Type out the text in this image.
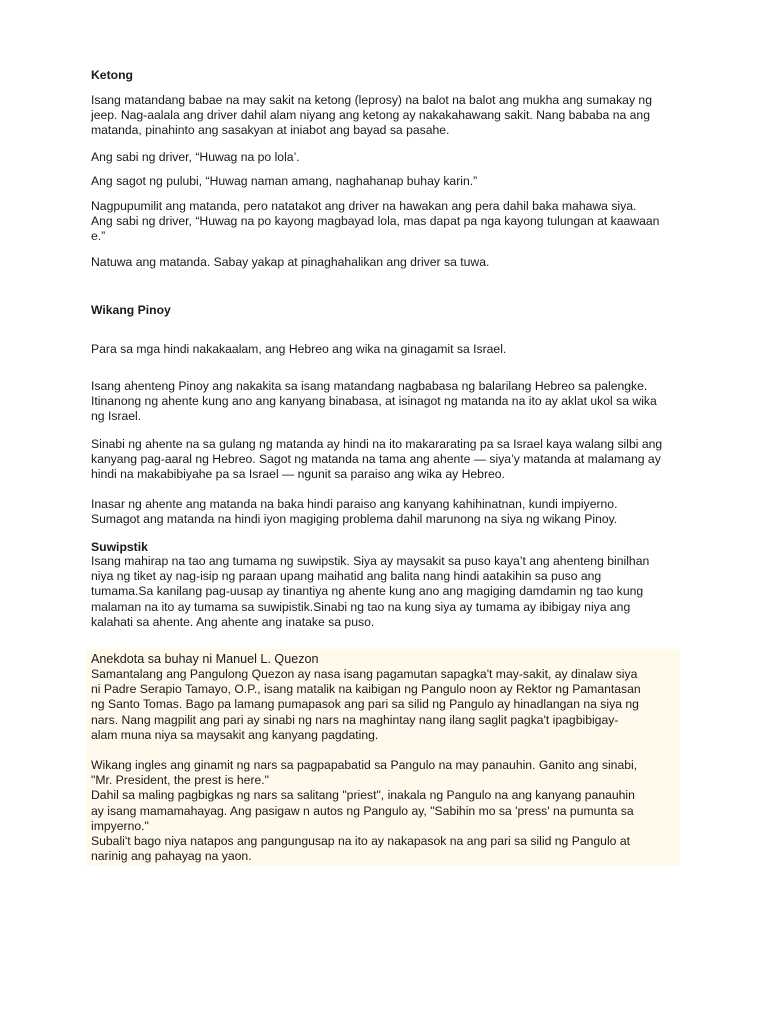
Ketong

Isang matandang babae na may sakit na ketong (leprosy) na balot na balot ang mukha ang sumakay ng
jeep. Nag-aalala ang driver dahil alam niyang ang ketong ay nakakahawang sakit. Nang bababa na ang
matanda, pinahinto ang sasakyan at iniabot ang bayad sa pasahe.

Ang sabi ng driver, “Huwag na po lola’.

Ang sagot ng pulubi, “Huwag naman amang, naghahanap buhay karin.”

Nagpupumilit ang matanda, pero natatakot ang driver na hawakan ang pera dahil baka mahawa siya.
Ang sabi ng driver, “Huwag na po kayong magbayad lola, mas dapat pa nga kayong tulungan at kaawaan
e.”

Natuwa ang matanda. Sabay yakap at pinaghahalikan ang driver sa tuwa.

Wikang Pinoy

Para sa mga hindi nakakaalam, ang Hebreo ang wika na ginagamit sa Israel.

Isang ahenteng Pinoy ang nakakita sa isang matandang nagbabasa ng balarilang Hebreo sa palengke.
Itinanong ng ahente kung ano ang kanyang binabasa, at isinagot ng matanda na ito ay aklat ukol sa wika
ng Israel.

Sinabi ng ahente na sa gulang ng matanda ay hindi na ito makararating pa sa Israel kaya walang silbi ang
kanyang pag-aaral ng Hebreo. Sagot ng matanda na tama ang ahente — siya’y matanda at malamang ay
hindi na makabibiyahe pa sa Israel — ngunit sa paraiso ang wika ay Hebreo.

Inasar ng ahente ang matanda na baka hindi paraiso ang kanyang kahihinatnan, kundi impiyerno.
Sumagot ang matanda na hindi iyon magiging problema dahil marunong na siya ng wikang Pinoy.

Suwipstik

Isang mahirap na tao ang tumama ng suwipstik. Siya ay maysakit sa puso kaya’t ang ahenteng binilhan
niya ng tiket ay nag-isip ng paraan upang maihatid ang balita nang hindi aatakihin sa puso ang
tumama.Sa kanilang pag-uusap ay tinantiya ng ahente kung ano ang magiging damdamin ng tao kung
malaman na ito ay tumama sa suwipistik.Sinabi ng tao na kung siya ay tumama ay ibibigay niya ang
kalahati sa ahente. Ang ahente ang inatake sa puso.

Anekdota sa buhay ni Manuel L. Quezon

Samantalang ang Pangulong Quezon ay nasa isang pagamutan sapagka't may-sakit, ay dinalaw siya
ni Padre Serapio Tamayo, O.P., isang matalik na kaibigan ng Pangulo noon ay Rektor ng Pamantasan
ng Santo Tomas. Bago pa lamang pumapasok ang pari sa silid ng Pangulo ay hinadlangan na siya ng
nars. Nang magpilit ang pari ay sinabi ng nars na maghintay nang ilang saglit pagka't ipagbibigay-
alam muna niya sa maysakit ang kanyang pagdating.

Wikang ingles ang ginamit ng nars sa pagpapabatid sa Pangulo na may panauhin. Ganito ang sinabi,
"Mr. President, the prest is here."
Dahil sa maling pagbigkas ng nars sa salitang "priest", inakala ng Pangulo na ang kanyang panauhin
ay isang mamamahayag. Ang pasigaw n autos ng Pangulo ay, "Sabihin mo sa 'press' na pumunta sa
impyerno."
Subali't bago niya natapos ang pangungusap na ito ay nakapasok na ang pari sa silid ng Pangulo at
narinig ang pahayag na yaon.
